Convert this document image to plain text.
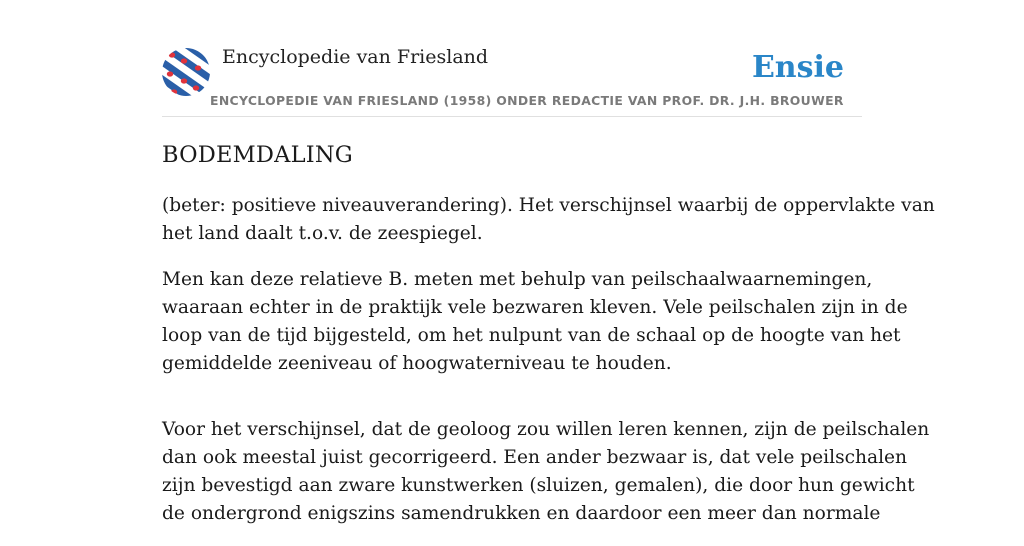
Encyclopedie van Friesland	Ensie
ENCYCLOPEDIE VAN FRIESLAND (1958) ONDER REDACTIE VAN PROF. DR. J.H. BROUWER
BODEMDALING

(beter: positieve niveauverandering). Het verschijnsel waarbij de oppervlakte van
het land daalt t.o.v. de zeespiegel.

Men kan deze relatieve B. meten met behulp van peilschaalwaarnemingen,
waaraan echter in de praktijk vele bezwaren kleven. Vele peilschalen zijn in de
loop van de tijd bijgesteld, om het nulpunt van de schaal op de hoogte van het
gemiddelde zeeniveau of hoogwaterniveau te houden.

Voor het verschijnsel, dat de geoloog zou willen leren kennen, zijn de peilschalen
dan ook meestal juist gecorrigeerd. Een ander bezwaar is, dat vele peilschalen
zijn bevestigd aan zware kunstwerken (sluizen, gemalen), die door hun gewicht
de ondergrond enigszins samendrukken en daardoor een meer dan normale
